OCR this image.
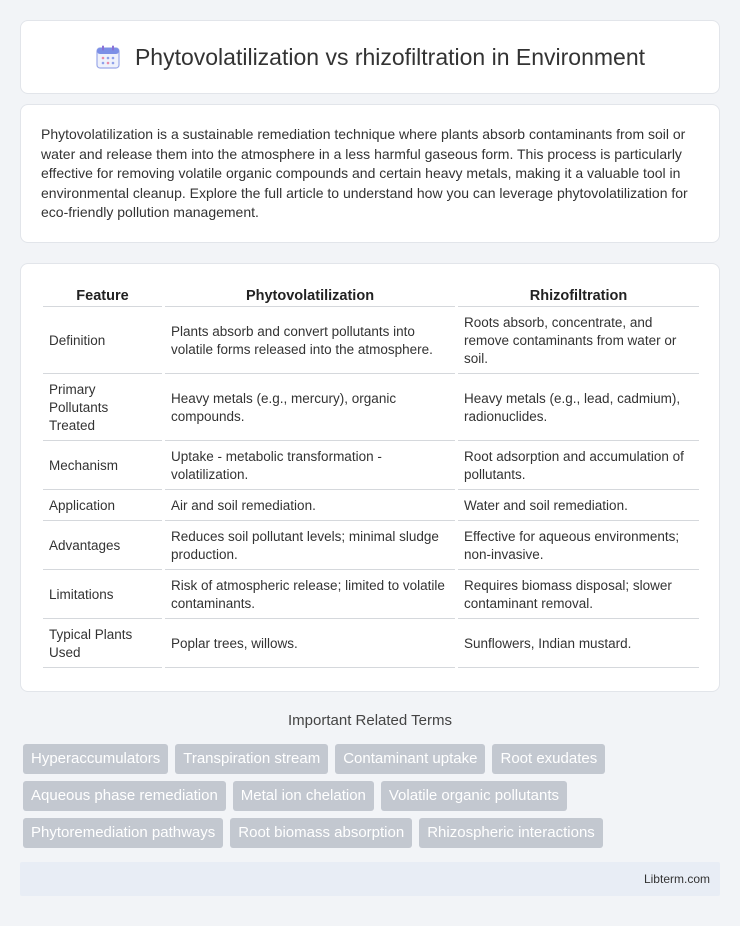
Phytovolatilization vs rhizofiltration in Environment

Phytovolatilization is a sustainable remediation technique where plants absorb contaminants from soil or water and release them into the atmosphere in a less harmful gaseous form. This process is particularly effective for removing volatile organic compounds and certain heavy metals, making it a valuable tool in environmental cleanup. Explore the full article to understand how you can leverage phytovolatilization for eco-friendly pollution management.

Feature		Phytovolatilization		Rhizofiltration
Definition		Plants absorb and convert pollutants into volatile forms released into the atmosphere.		Roots absorb, concentrate, and remove contaminants from water or soil.
Primary Pollutants Treated		Heavy metals (e.g., mercury), organic compounds.		Heavy metals (e.g., lead, cadmium), radionuclides.
Mechanism		Uptake - metabolic transformation - volatilization.		Root adsorption and accumulation of pollutants.
Application		Air and soil remediation.		Water and soil remediation.
Advantages		Reduces soil pollutant levels; minimal sludge production.		Effective for aqueous environments; non-invasive.
Limitations		Risk of atmospheric release; limited to volatile contaminants.		Requires biomass disposal; slower contaminant removal.
Typical Plants Used		Poplar trees, willows.		Sunflowers, Indian mustard.
Important Related Terms
Hyperaccumulators	Transpiration stream	Contaminant uptake	Root exudates
Aqueous phase remediation	Metal ion chelation	Volatile organic pollutants
Phytoremediation pathways	Root biomass absorption	Rhizospheric interactions
Libterm.com
